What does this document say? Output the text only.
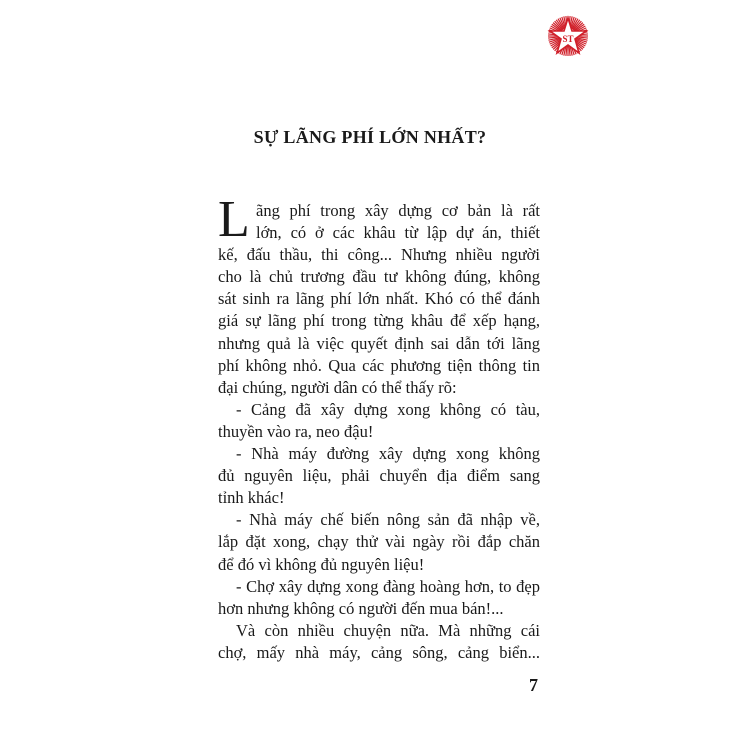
ST
SỰ LÃNG PHÍ LỚN NHẤT?
L ãng phí trong xây dựng cơ bản là rất
lớn, có ở các khâu từ lập dự án, thiết
kế, đấu thầu, thi công... Nhưng nhiều người
cho là chủ trương đầu tư không đúng, không
sát sinh ra lãng phí lớn nhất. Khó có thể đánh
giá sự lãng phí trong từng khâu để xếp hạng,
nhưng quả là việc quyết định sai dẫn tới lãng
phí không nhỏ. Qua các phương tiện thông tin
đại chúng, người dân có thể thấy rõ:
- Cảng đã xây dựng xong không có tàu,
thuyền vào ra, neo đậu!
- Nhà máy đường xây dựng xong không
đủ nguyên liệu, phải chuyển địa điểm sang
tỉnh khác!
- Nhà máy chế biến nông sản đã nhập về,
lắp đặt xong, chạy thử vài ngày rồi đắp chăn
để đó vì không đủ nguyên liệu!
- Chợ xây dựng xong đàng hoàng hơn, to đẹp
hơn nhưng không có người đến mua bán!...
Và còn nhiều chuyện nữa. Mà những cái
chợ, mấy nhà máy, cảng sông, cảng biển...
7
